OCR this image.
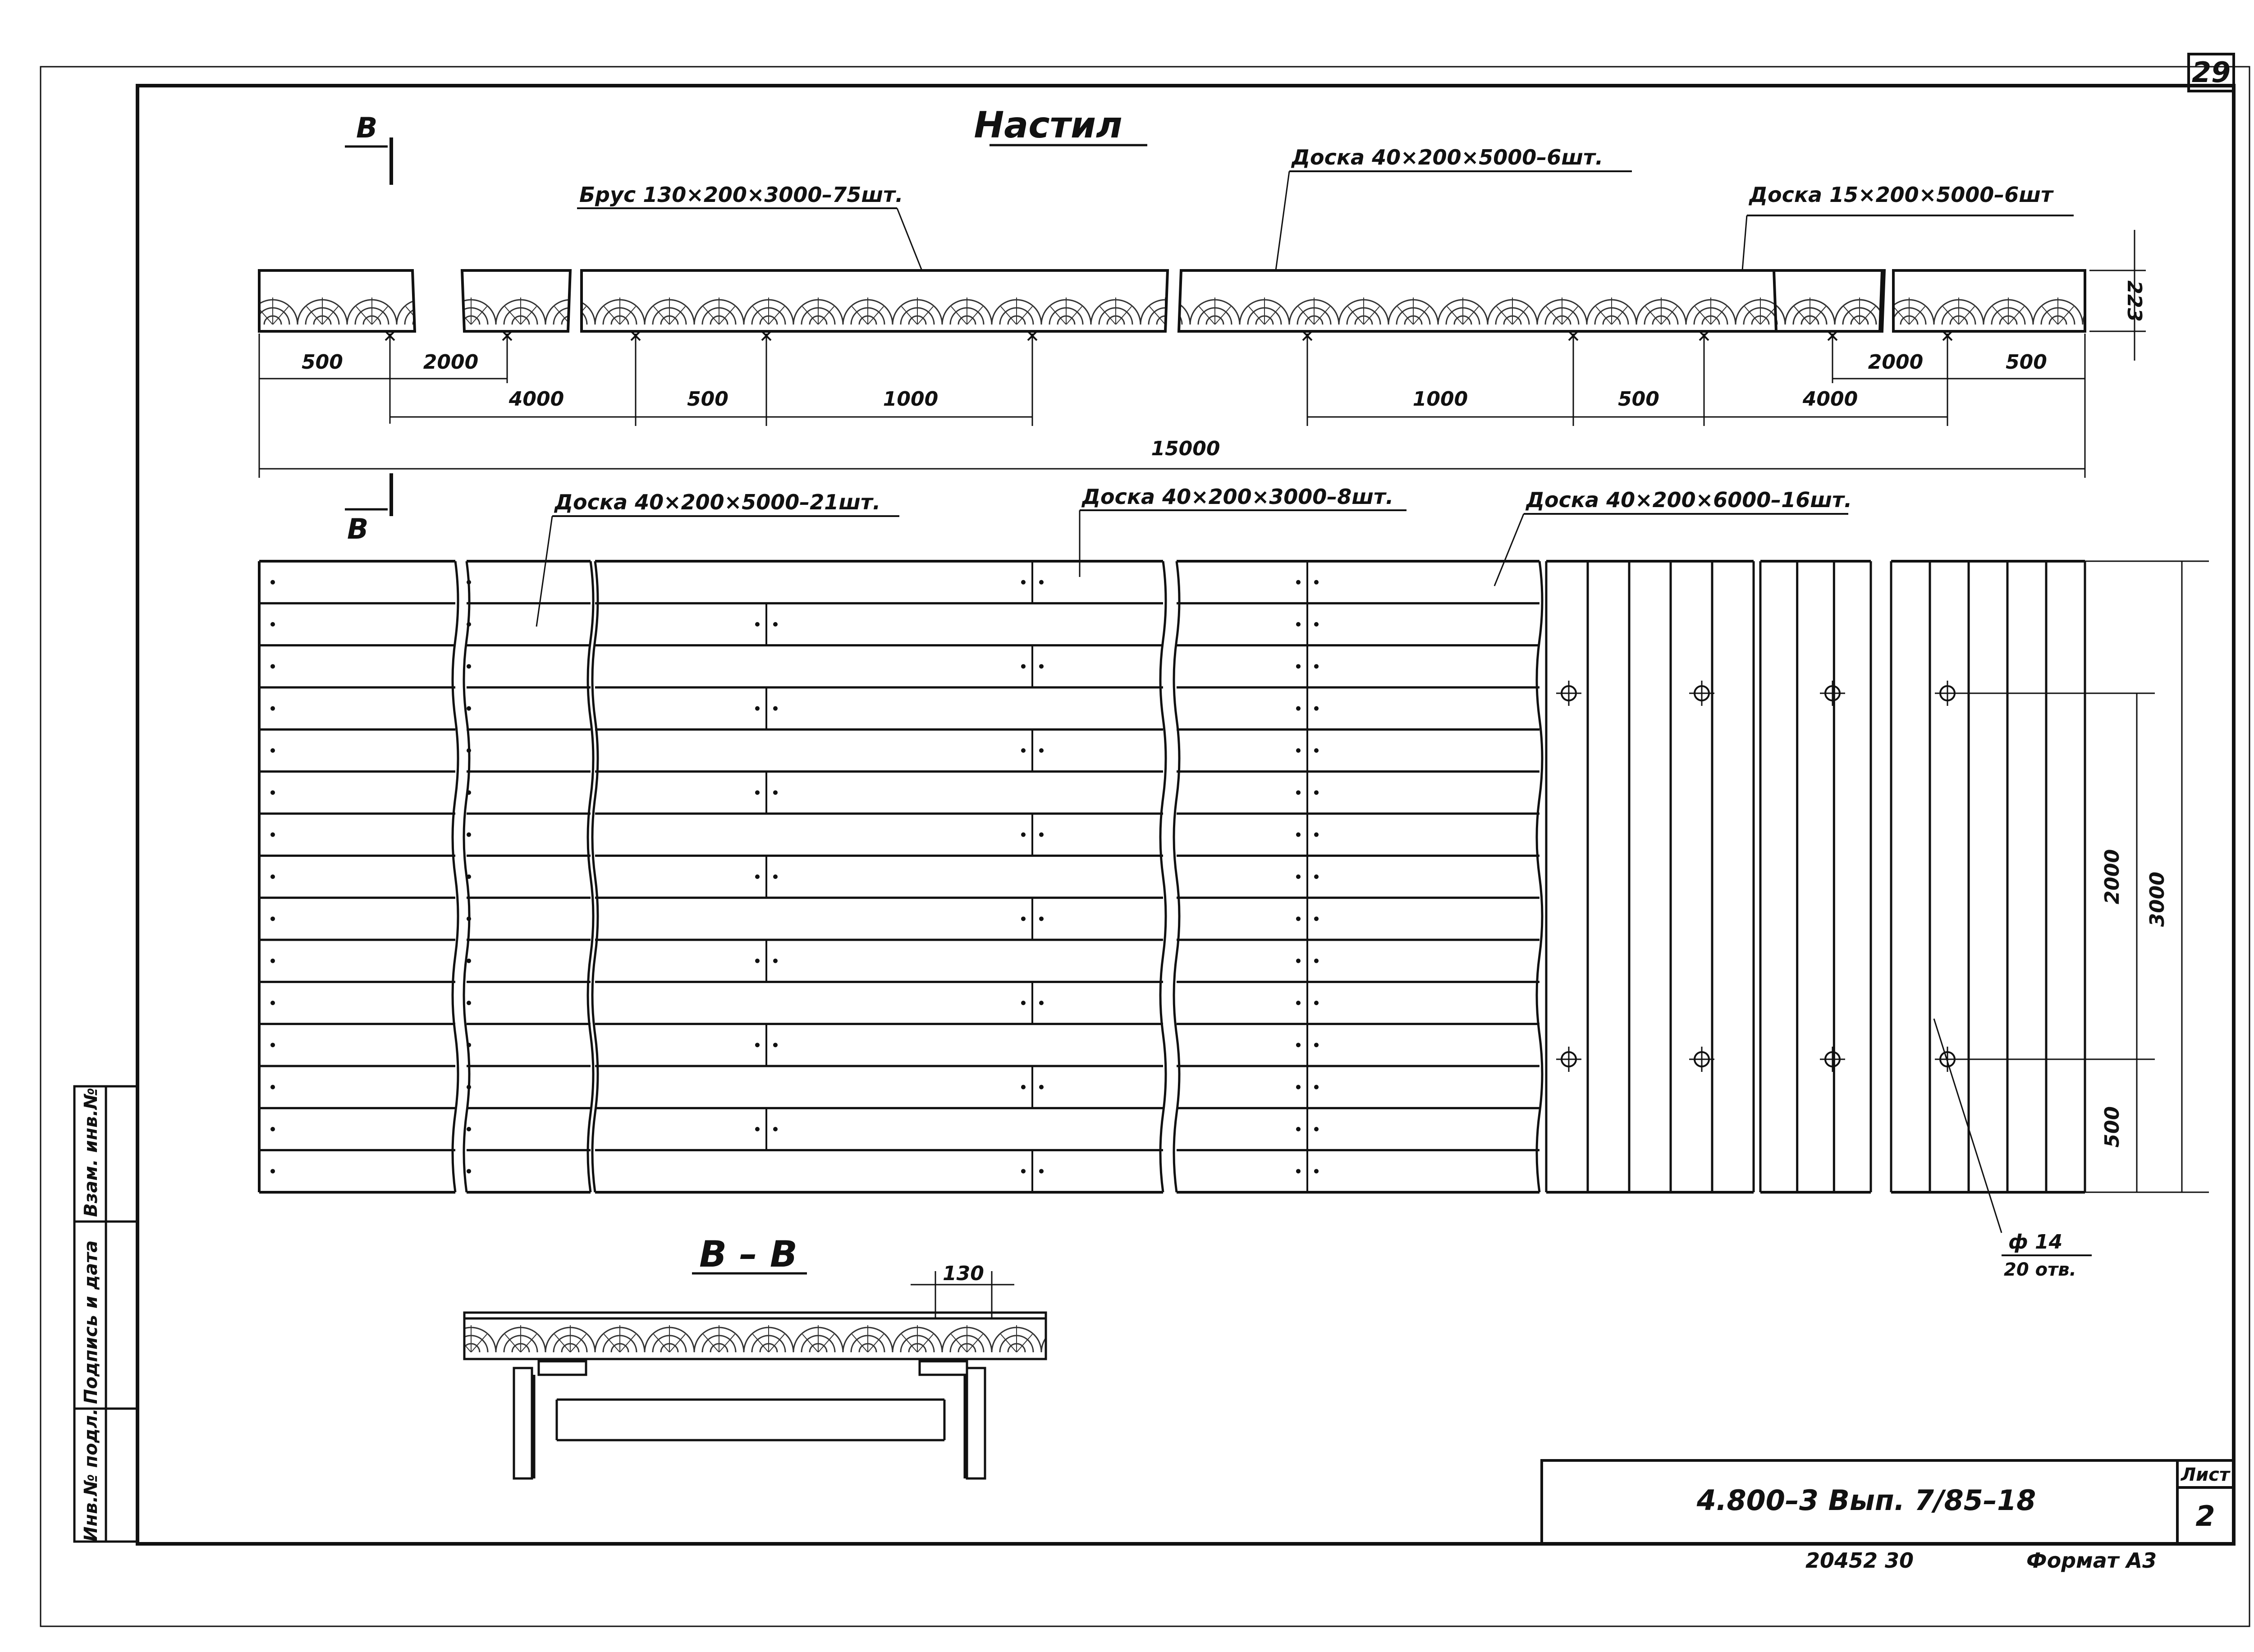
29
Настил
В
В
Брус 130×200×3000–75шт.
Доска 40×200×5000–6шт.
Доска 15×200×5000–6шт
500	2000
4000	500	1000	1000	500	4000
2000	500
15000
223
Доска 40×200×5000–21шт.	Доска 40×200×3000–8шт.	Доска 40×200×6000–16шт.
2000 3000
500
ф 14
20 отв.
В – В	130
Инв.№ подл.
Подпись и дата
Взам. инв.№
4.800–3 Вып. 7/85–18
Лист
2
20452 30	Формат А3
